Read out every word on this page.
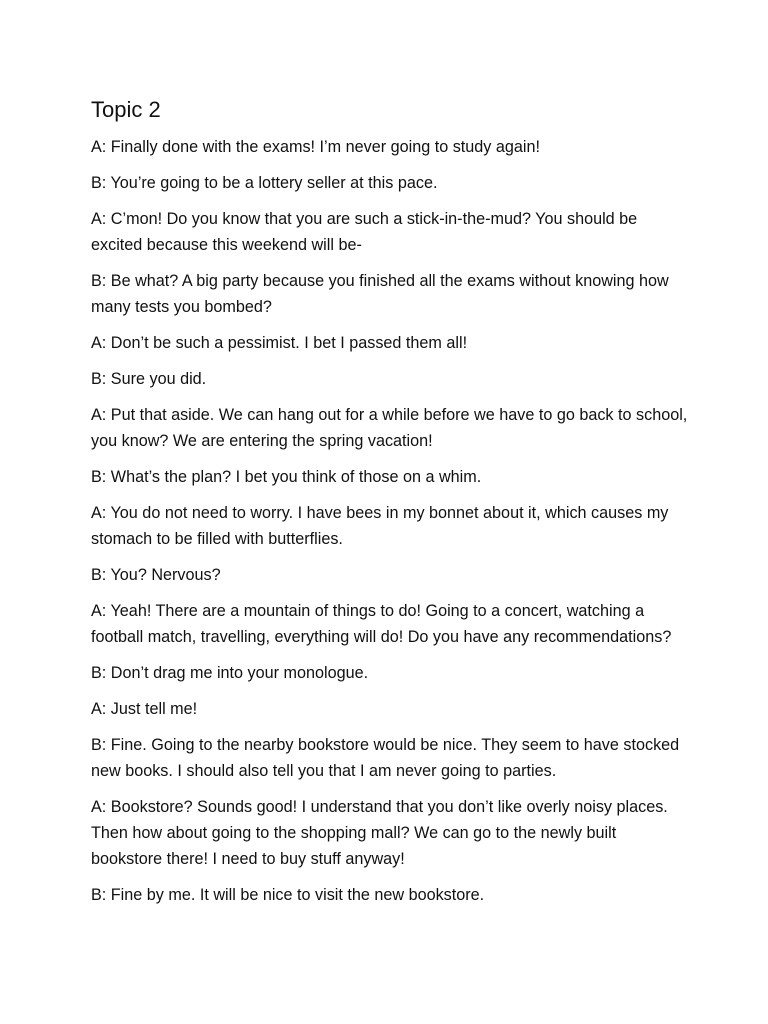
Topic 2

A: Finally done with the exams! I’m never going to study again!

B: You’re going to be a lottery seller at this pace.

A: C’mon! Do you know that you are such a stick-in-the-mud? You should be excited because this weekend will be-

B: Be what? A big party because you finished all the exams without knowing how many tests you bombed?

A: Don’t be such a pessimist. I bet I passed them all!

B: Sure you did.

A: Put that aside. We can hang out for a while before we have to go back to school, you know? We are entering the spring vacation!

B: What’s the plan? I bet you think of those on a whim.

A: You do not need to worry. I have bees in my bonnet about it, which causes my stomach to be filled with butterflies.

B: You? Nervous?

A: Yeah! There are a mountain of things to do! Going to a concert, watching a football match, travelling, everything will do! Do you have any recommendations?

B: Don’t drag me into your monologue.

A: Just tell me!

B: Fine. Going to the nearby bookstore would be nice. They seem to have stocked new books. I should also tell you that I am never going to parties.

A: Bookstore? Sounds good! I understand that you don’t like overly noisy places. Then how about going to the shopping mall? We can go to the newly built bookstore there! I need to buy stuff anyway!

B: Fine by me. It will be nice to visit the new bookstore.
